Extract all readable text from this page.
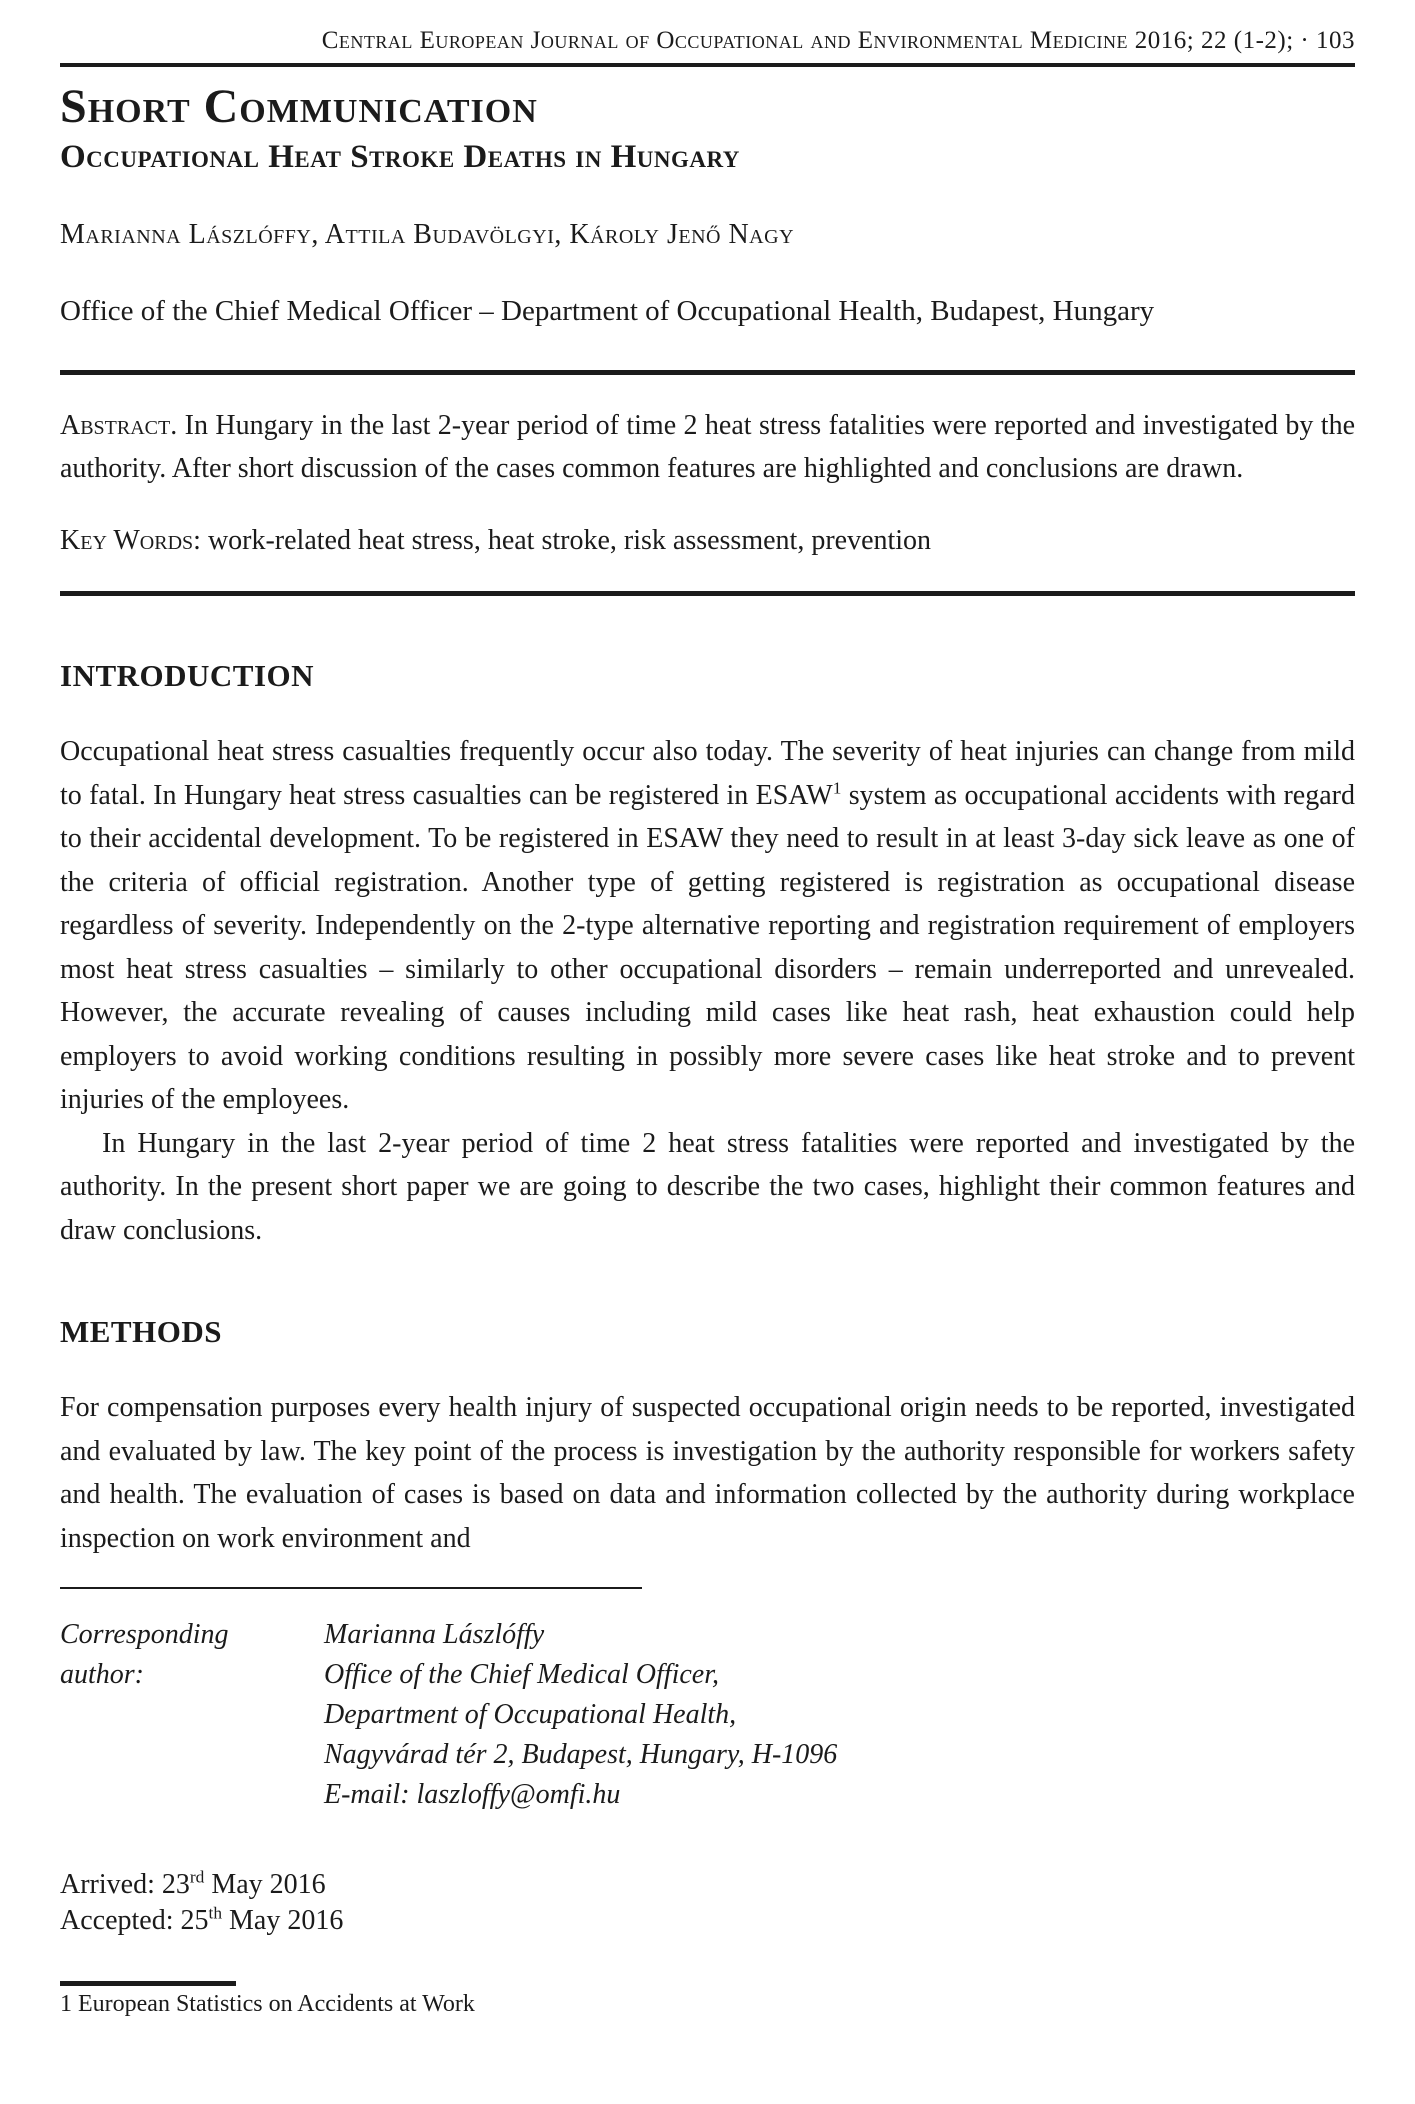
Central European Journal of Occupational and Environmental Medicine 2016; 22 (1-2); · 103
Short Communication
Occupational Heat Stroke Deaths in Hungary
Marianna Lászlóffy, Attila Budavölgyi, Károly Jenő Nagy
Office of the Chief Medical Officer – Department of Occupational Health, Budapest, Hungary
Abstract. In Hungary in the last 2-year period of time 2 heat stress fatalities were reported and investigated by the authority. After short discussion of the cases common features are highlighted and conclusions are drawn.
Key Words: work-related heat stress, heat stroke, risk assessment, prevention
INTRODUCTION
Occupational heat stress casualties frequently occur also today. The severity of heat injuries can change from mild to fatal. In Hungary heat stress casualties can be registered in ESAW$^1$ system as occupational accidents with regard to their accidental development. To be registered in ESAW they need to result in at least 3-day sick leave as one of the criteria of official registration. Another type of getting registered is registration as occupational disease regardless of severity. Independently on the 2-type alternative reporting and registration requirement of employers most heat stress casualties – similarly to other occupational disorders – remain underreported and unrevealed. However, the accurate revealing of causes including mild cases like heat rash, heat exhaustion could help employers to avoid working conditions resulting in possibly more severe cases like heat stroke and to prevent injuries of the employees.
In Hungary in the last 2-year period of time 2 heat stress fatalities were reported and investigated by the authority. In the present short paper we are going to describe the two cases, highlight their common features and draw conclusions.
METHODS
For compensation purposes every health injury of suspected occupational origin needs to be reported, investigated and evaluated by law. The key point of the process is investigation by the authority responsible for workers safety and health. The evaluation of cases is based on data and information collected by the authority during workplace inspection on work environment and
Corresponding author:
Marianna Lászlóffy
Office of the Chief Medical Officer,
Department of Occupational Health,
Nagyvárad tér 2, Budapest, Hungary, H-1096
E-mail: laszloffy@omfi.hu
Arrived: 23rd May 2016
Accepted: 25th May 2016
1 European Statistics on Accidents at Work
